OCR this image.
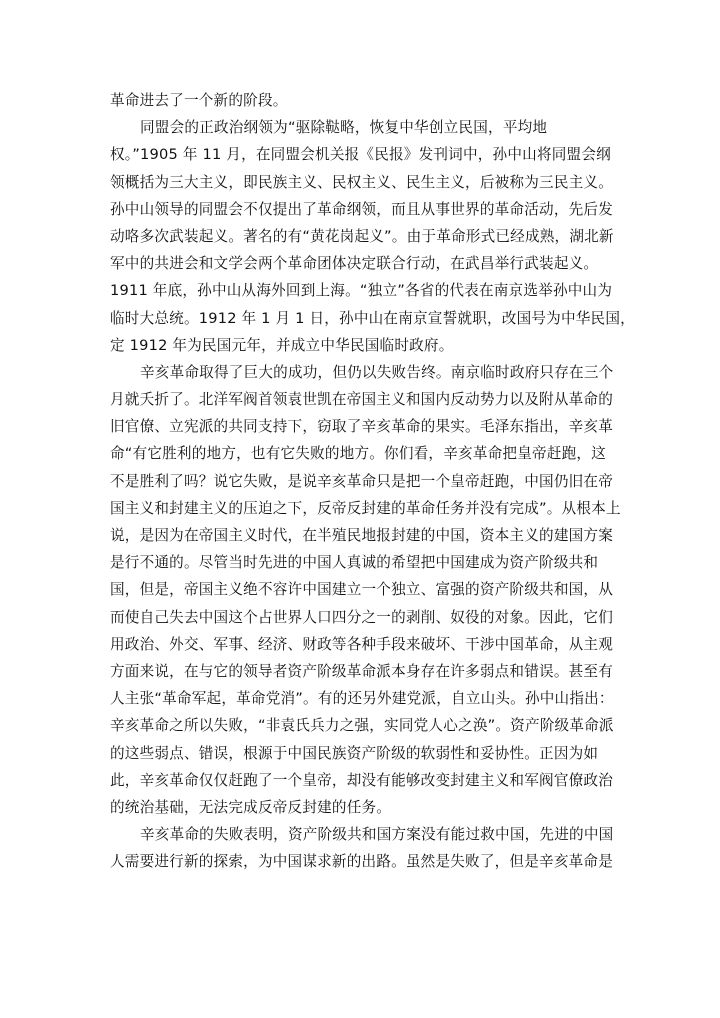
革命进去了一个新的阶段。
同盟会的正政治纲领为“驱除鞑略，恢复中华创立民国，平均地
权。”1905 年 11 月，在同盟会机关报《民报》发刊词中，孙中山将同盟会纲
领概括为三大主义，即民族主义、民权主义、民生主义，后被称为三民主义。
孙中山领导的同盟会不仅提出了革命纲领，而且从事世界的革命活动，先后发
动咯多次武装起义。著名的有“黄花岗起义”。由于革命形式已经成熟，湖北新
军中的共进会和文学会两个革命团体决定联合行动，在武昌举行武装起义。
1911 年底，孙中山从海外回到上海。“独立”各省的代表在南京选举孙中山为
临时大总统。1912 年 1 月 1 日，孙中山在南京宣誓就职，改国号为中华民国，
定 1912 年为民国元年，并成立中华民国临时政府。
辛亥革命取得了巨大的成功，但仍以失败告终。南京临时政府只存在三个
月就夭折了。北洋军阀首领袁世凯在帝国主义和国内反动势力以及附从革命的
旧官僚、立宪派的共同支持下，窃取了辛亥革命的果实。毛泽东指出，辛亥革
命“有它胜利的地方，也有它失败的地方。你们看，辛亥革命把皇帝赶跑，这
不是胜利了吗？说它失败，是说辛亥革命只是把一个皇帝赶跑，中国仍旧在帝
国主义和封建主义的压迫之下，反帝反封建的革命任务并没有完成”。从根本上
说，是因为在帝国主义时代，在半殖民地报封建的中国，资本主义的建国方案
是行不通的。尽管当时先进的中国人真诚的希望把中国建成为资产阶级共和
国，但是，帝国主义绝不容许中国建立一个独立、富强的资产阶级共和国，从
而使自己失去中国这个占世界人口四分之一的剥削、奴役的对象。因此，它们
用政治、外交、军事、经济、财政等各种手段来破坏、干涉中国革命，从主观
方面来说，在与它的领导者资产阶级革命派本身存在许多弱点和错误。甚至有
人主张“革命军起，革命党消”。有的还另外建党派，自立山头。孙中山指出：
辛亥革命之所以失败，“非袁氏兵力之强，实同党人心之涣”。资产阶级革命派
的这些弱点、错误，根源于中国民族资产阶级的软弱性和妥协性。正因为如
此，辛亥革命仅仅赶跑了一个皇帝，却没有能够改变封建主义和军阀官僚政治
的统治基础，无法完成反帝反封建的任务。
辛亥革命的失败表明，资产阶级共和国方案没有能过救中国，先进的中国
人需要进行新的探索，为中国谋求新的出路。虽然是失败了，但是辛亥革命是
